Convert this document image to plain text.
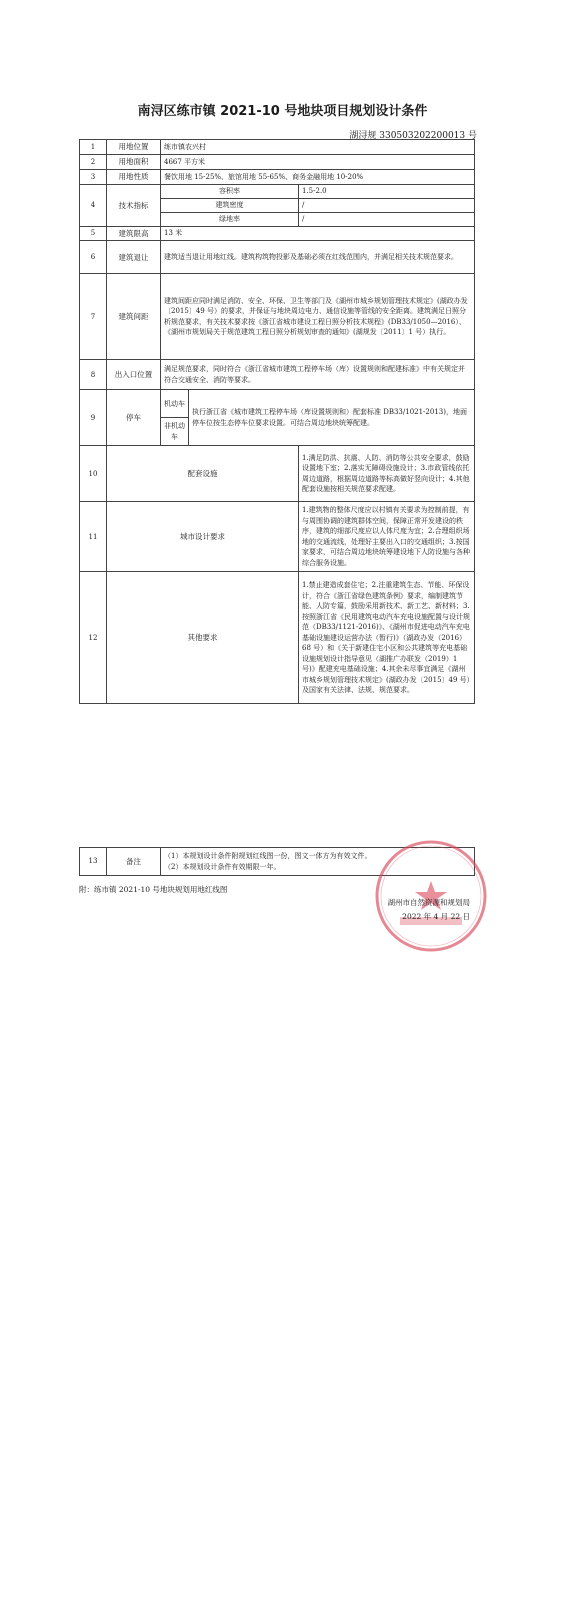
南浔区练市镇 2021-10 号地块项目规划设计条件
湖浔规 330503202200013 号
1	用地位置	练市镇农兴村		
2	用地面积	4667 平方米		
3	用地性质	餐饮用地 15-25%、旅馆用地 55-65%、商务金融用地 10-20%		
4	技术指标	容积率		1.5-2.0
		建筑密度		/
		绿地率		/
5	建筑限高	13 米		
6	建筑退让	建筑适当退让用地红线。建筑构筑物投影及基础必须在红线范围内，并满足相关技术规范要求。		
7	建筑间距	建筑间距应同时满足消防、安全、环保、卫生等部门及《湖州市城乡规划管理技术规定》(湖政办发〔2015〕49 号）的要求，并保证与地块周边电力、通信设施等管线的安全距离。建筑满足日照分析规范要求，有关技术要求按《浙江省城市建设工程日照分析技术规程》(DB33/1050—2016）、《湖州市规划局关于规范建筑工程日照分析规划审查的通知》(湖规发〔2011〕1 号）执行。		
8	出入口位置	满足规范要求，同时符合《浙江省城市建筑工程停车场（库）设置规则和配建标准》中有关规定并符合交通安全、消防等要求。		
9	停车	机动车	执行浙江省《城市建筑工程停车场（库设置规则和）配套标准 DB33/1021-2013)，地面停车位按生态停车位要求设置。可结合周边地块统筹配建。	
		非机动车		
10	配套设施			1.满足防洪、抗震、人防、消防等公共安全要求，鼓励设置地下室；2.落实无障碍设施设计；3.市政管线依托周边道路，根据周边道路等标高做好竖向设计；4.其他配套设施按相关规范要求配建。
11	城市设计要求			1.建筑物的整体尺度应以村镇有关要求为控制前提，有与周围协调的建筑群体空间，保障正常开发建设的秩序，建筑的细部尺度应以人体尺度为宜；2.合理组织场地的交通流线，处理好主要出入口的交通组织；3.按国家要求，可结合周边地块统筹建设地下人防设施与各种综合服务设施。
12	其他要求			1.禁止建造成套住宅；2.注重建筑生态、节能、环保设计，符合《浙江省绿色建筑条例》要求，编制建筑节能、人防专篇，鼓励采用新技术、新工艺、新材料；3.按照浙江省《民用建筑电动汽车充电设施配置与设计规范（DB33/1121-2016)》、《湖州市促进电动汽车充电基础设施建设运营办法（暂行)》（湖政办发（2016）68 号）和《关于新建住宅小区和公共建筑等充电基础设施规划设计指导意见（湖推广办联发（2019）1 号)》配建充电基础设施；4.其余未尽事宜满足《湖州市城乡规划管理技术规定》(湖政办发〔2015〕49 号）及国家有关法律、法规、规范要求。
13	备注	
（1）本规划设计条件附规划红线图一份，图文一体方为有效文件。
（2）本规划设计条件有效期限一年。
附：练市镇 2021-10 号地块规划用地红线图
湖州市自然资源和规划局
2022 年 4 月 22 日
